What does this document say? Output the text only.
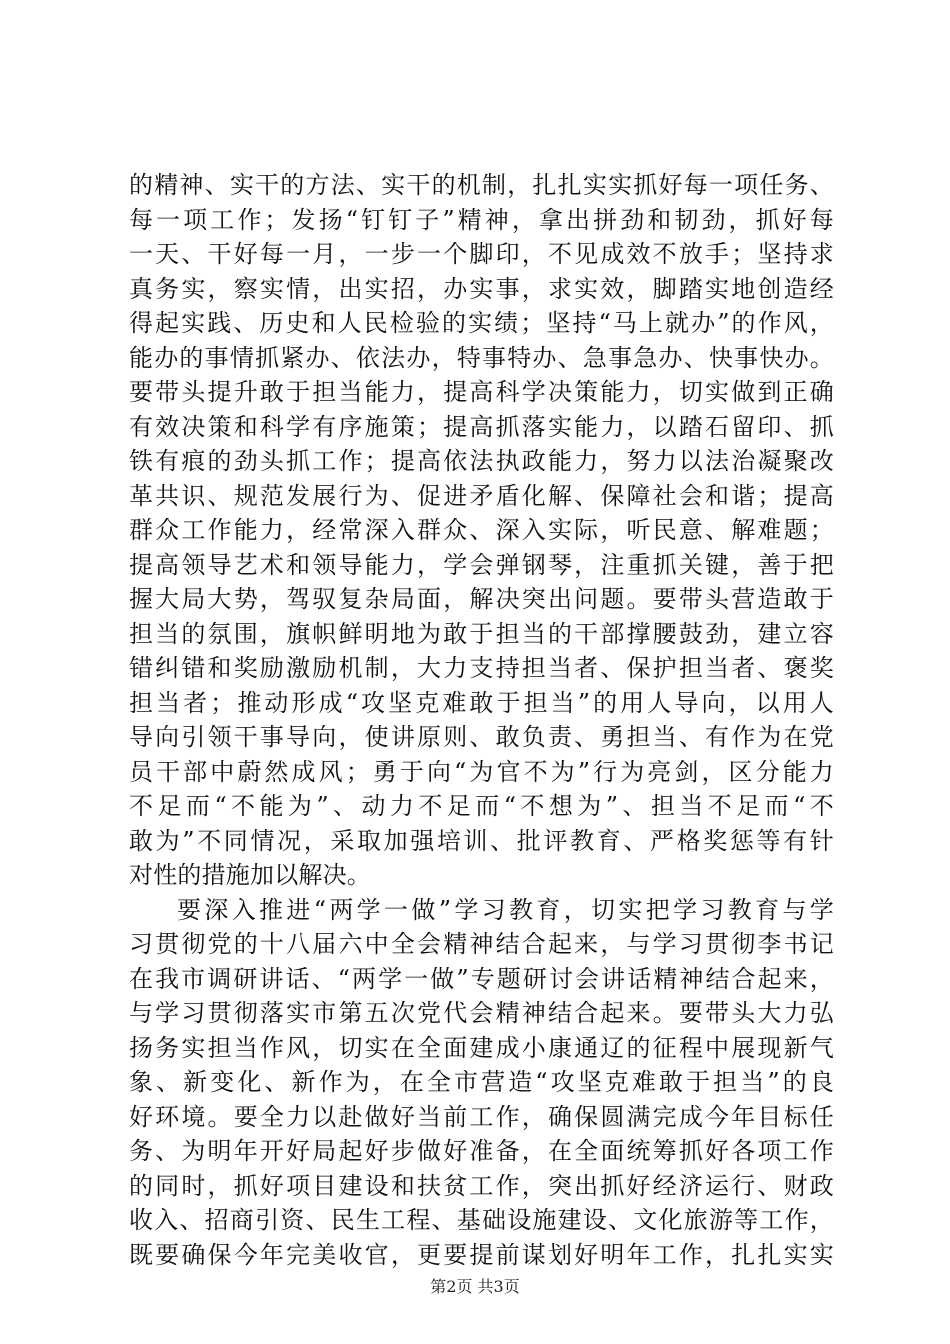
的精神、实干的方法、实干的机制，扎扎实实抓好每一项任务、
每一项工作；发扬“钉钉子”精神，拿出拼劲和韧劲，抓好每
一天、干好每一月，一步一个脚印，不见成效不放手；坚持求
真务实，察实情，出实招，办实事，求实效，脚踏实地创造经
得起实践、历史和人民检验的实绩；坚持“马上就办”的作风，
能办的事情抓紧办、依法办，特事特办、急事急办、快事快办。
要带头提升敢于担当能力，提高科学决策能力，切实做到正确
有效决策和科学有序施策；提高抓落实能力，以踏石留印、抓
铁有痕的劲头抓工作；提高依法执政能力，努力以法治凝聚改
革共识、规范发展行为、促进矛盾化解、保障社会和谐；提高
群众工作能力，经常深入群众、深入实际，听民意、解难题；
提高领导艺术和领导能力，学会弹钢琴，注重抓关键，善于把
握大局大势，驾驭复杂局面，解决突出问题。要带头营造敢于
担当的氛围，旗帜鲜明地为敢于担当的干部撑腰鼓劲，建立容
错纠错和奖励激励机制，大力支持担当者、保护担当者、褒奖
担当者；推动形成“攻坚克难敢于担当”的用人导向，以用人
导向引领干事导向，使讲原则、敢负责、勇担当、有作为在党
员干部中蔚然成风；勇于向“为官不为”行为亮剑，区分能力
不足而“不能为”、动力不足而“不想为”、担当不足而“不
敢为”不同情况，采取加强培训、批评教育、严格奖惩等有针
对性的措施加以解决。
要深入推进“两学一做”学习教育，切实把学习教育与学
习贯彻党的十八届六中全会精神结合起来，与学习贯彻李书记
在我市调研讲话、“两学一做”专题研讨会讲话精神结合起来，
与学习贯彻落实市第五次党代会精神结合起来。要带头大力弘
扬务实担当作风，切实在全面建成小康通辽的征程中展现新气
象、新变化、新作为，在全市营造“攻坚克难敢于担当”的良
好环境。要全力以赴做好当前工作，确保圆满完成今年目标任
务、为明年开好局起好步做好准备，在全面统筹抓好各项工作
的同时，抓好项目建设和扶贫工作，突出抓好经济运行、财政
收入、招商引资、民生工程、基础设施建设、文化旅游等工作，
既要确保今年完美收官，更要提前谋划好明年工作，扎扎实实
第2页 共3页
